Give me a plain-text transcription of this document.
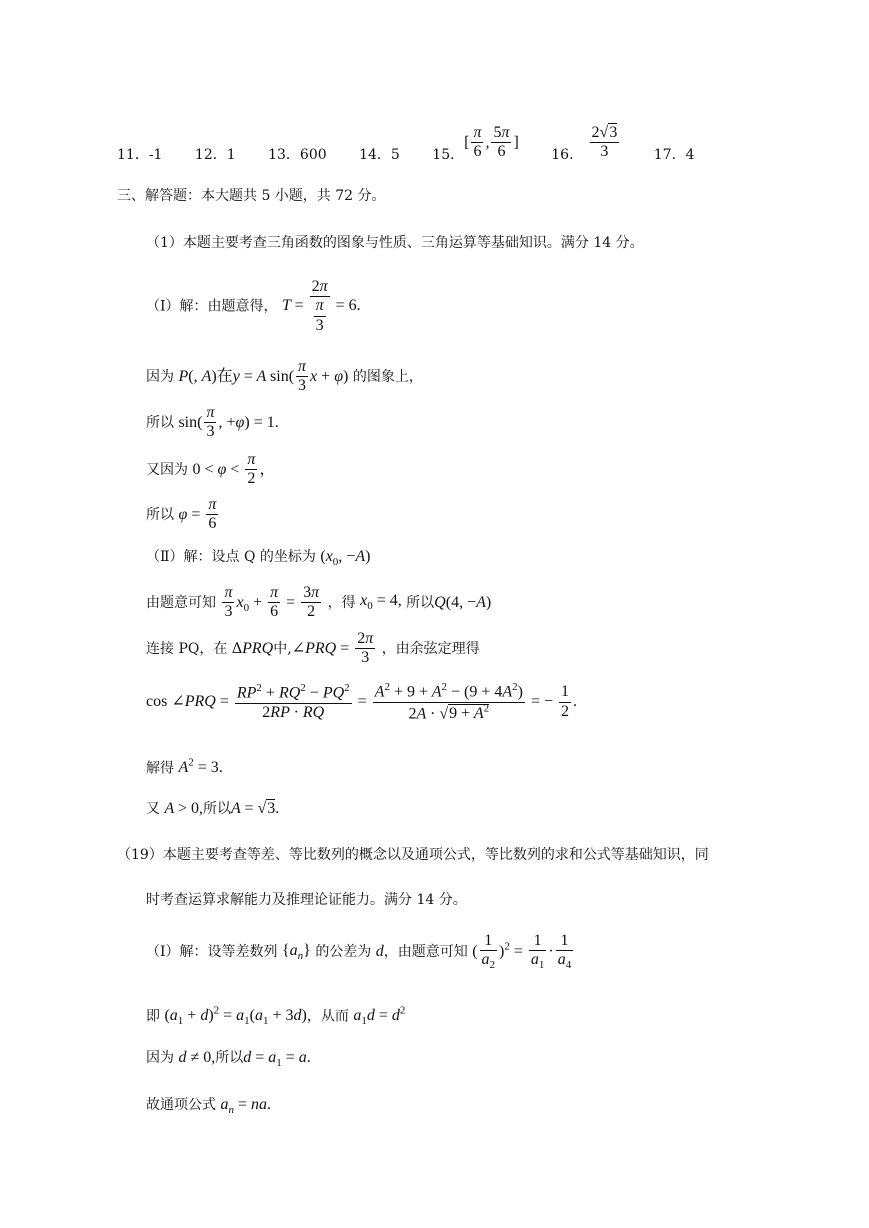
11．-1 12．1 13．600 14．5 15．[ $\frac{\pi}{6}$ , $\frac{5\pi}{6}$ ] 16． $\frac{2√3}{3} 17$．4
三、解答题：本大题共 5 小题，共 72 分。
（1）本题主要考查三角函数的图象与性质、三角运算等基础知识。满分 14 分。
（Ⅰ）解：由题意得， $T = \frac{2\pi}{\frac{\pi}{3}} = 6$.
因为 P(, A)在y = A $\sin( \frac{\pi}{3}$ x + φ) 的图象上，
所以 $\sin( \frac{\pi}{3}$ , +φ) = 1.
又因为 $0 < \varphi < \frac{\pi}{2}$ ，
所以 $\varphi = \frac{\pi}{6}$
（Ⅱ）解：设点 Q 的坐标为 ($x_0$, −A)
由题意可知 $\frac{\pi}{3} x_0 + \frac{\pi}{6} = \frac{3\pi}{2}$ ，得 $x_0 = 4$, 所以Q(4, −A)
连接 PQ，在 ΔPRQ中,∠PRQ = $\frac{2\pi}{3}$ ，由余弦定理得
cos ∠PRQ = $\frac{RP^2 + RQ^2 - PQ^2}{2RP \cdot RQ} = \frac{A^2 + 9 + A^2 - (9 + 4A^2)}{2A \cdot √9 + A^2}$ = − $\frac{1}{2}$ .
解得 $A^2 = 3$.
又 A > 0,所以A = √3.
（19）本题主要考查等差、等比数列的概念以及通项公式，等比数列的求和公式等基础知识，同
时考查运算求解能力及推理论证能力。满分 14 分。
（Ⅰ）解：设等差数列 $\{a_n\}$ 的公差为 d，由题意可知 ( $\frac{1}{a_2} )^2 = \frac{1}{a_1} \cdot \frac{1}{a_4}$
即 $(a_1 + d)^2 = a_1(a_1 + 3d)$，从而 $a_1d = d^2$
因为 d ≠ 0,所以$d = a_1 = a$.
故通项公式 $a_n$ = na.
